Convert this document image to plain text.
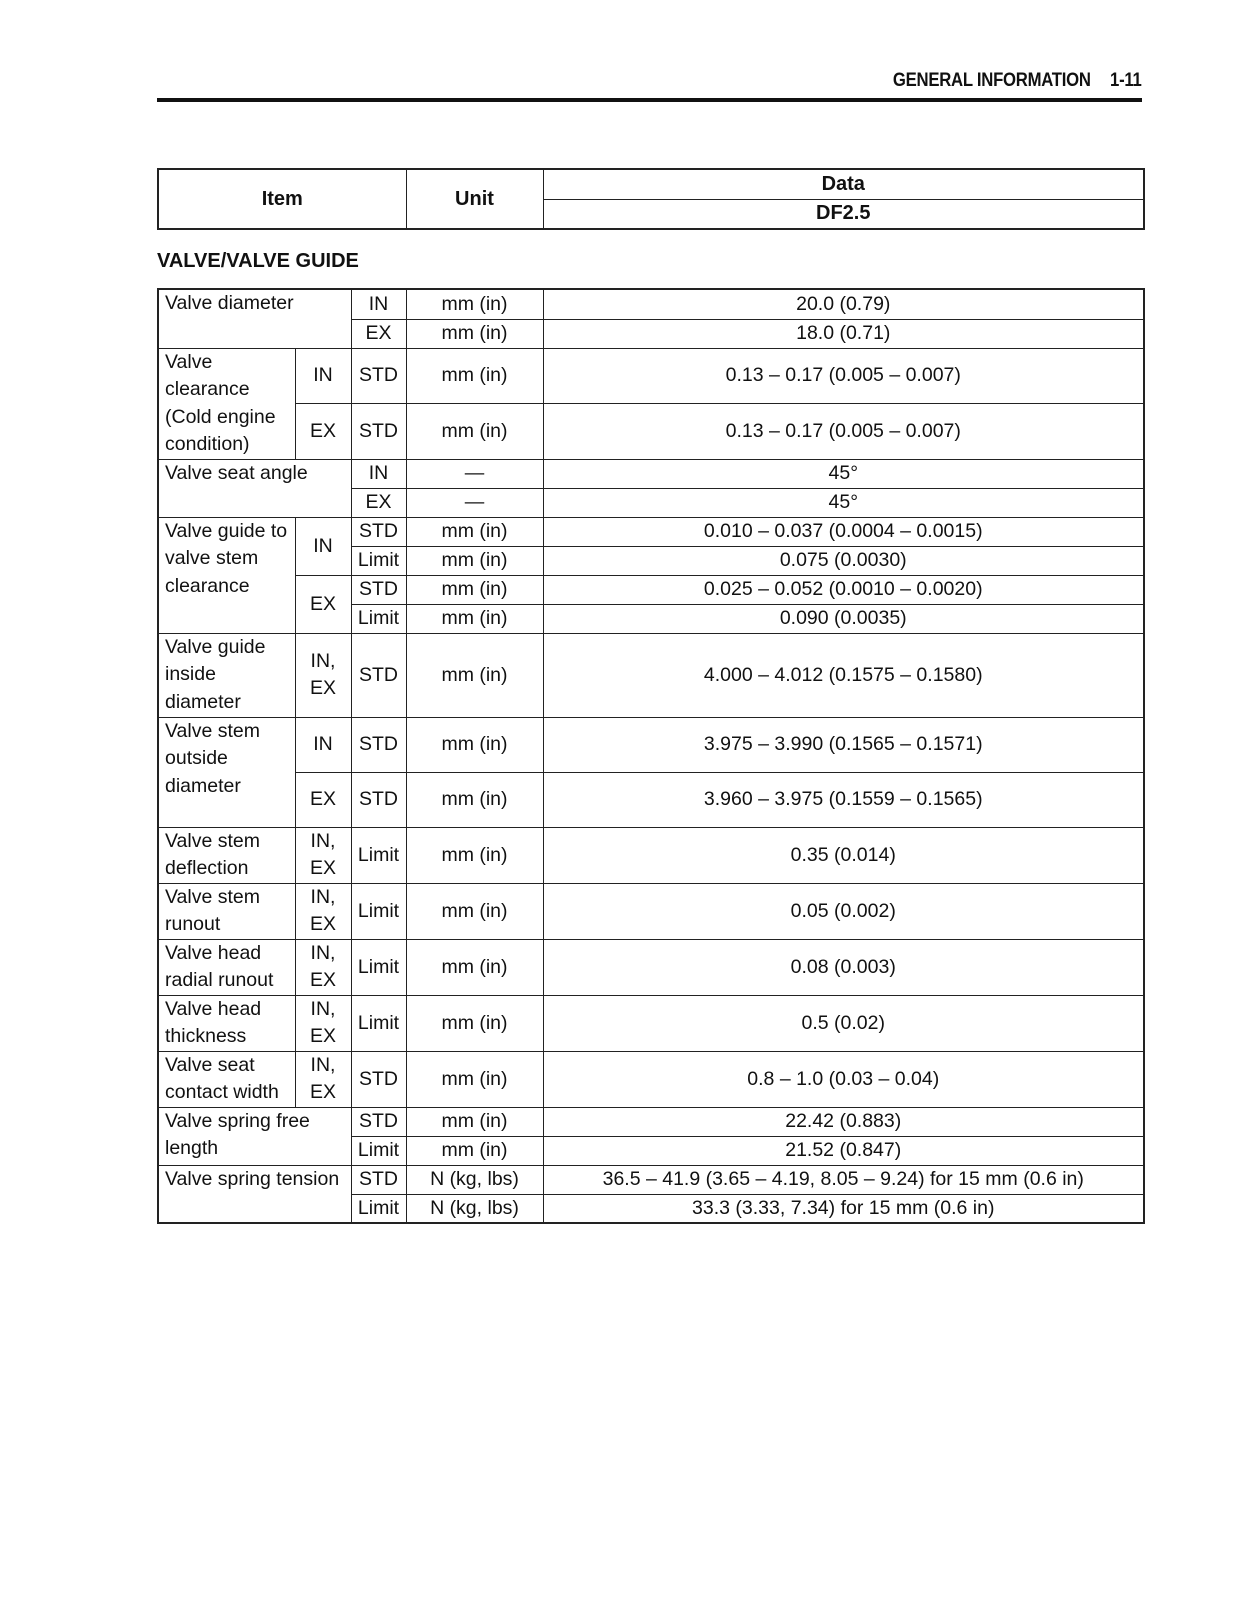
GENERAL INFORMATION 1-11
Item	Unit	Data
DF2.5
VALVE/VALVE GUIDE
Valve diameter		IN	mm (in)	20.0 (0.79)
		EX	mm (in)	18.0 (0.71)
Valve clearance (Cold engine condition)	IN	STD	mm (in)	0.13 – 0.17 (0.005 – 0.007)
	EX	STD	mm (in)	0.13 – 0.17 (0.005 – 0.007)
Valve seat angle		IN	—	45°
		EX	—	45°
Valve guide to valve stem clearance	IN	STD	mm (in)	0.010 – 0.037 (0.0004 – 0.0015)
		Limit	mm (in)	0.075 (0.0030)
	EX	STD	mm (in)	0.025 – 0.052 (0.0010 – 0.0020)
		Limit	mm (in)	0.090 (0.0035)
Valve guide inside diameter	IN, EX	STD	mm (in)	4.000 – 4.012 (0.1575 – 0.1580)
Valve stem outside diameter	IN	STD	mm (in)	3.975 – 3.990 (0.1565 – 0.1571)
	EX	STD	mm (in)	3.960 – 3.975 (0.1559 – 0.1565)
Valve stem deflection	IN, EX	Limit	mm (in)	0.35 (0.014)
Valve stem runout	IN, EX	Limit	mm (in)	0.05 (0.002)
Valve head radial runout	IN, EX	Limit	mm (in)	0.08 (0.003)
Valve head thickness	IN, EX	Limit	mm (in)	0.5 (0.02)
Valve seat contact width	IN, EX	STD	mm (in)	0.8 – 1.0 (0.03 – 0.04)
Valve spring free length		STD	mm (in)	22.42 (0.883)
		Limit	mm (in)	21.52 (0.847)
Valve spring tension		STD	N (kg, lbs)	36.5 – 41.9 (3.65 – 4.19, 8.05 – 9.24) for 15 mm (0.6 in)
		Limit	N (kg, lbs)	33.3 (3.33, 7.34) for 15 mm (0.6 in)
